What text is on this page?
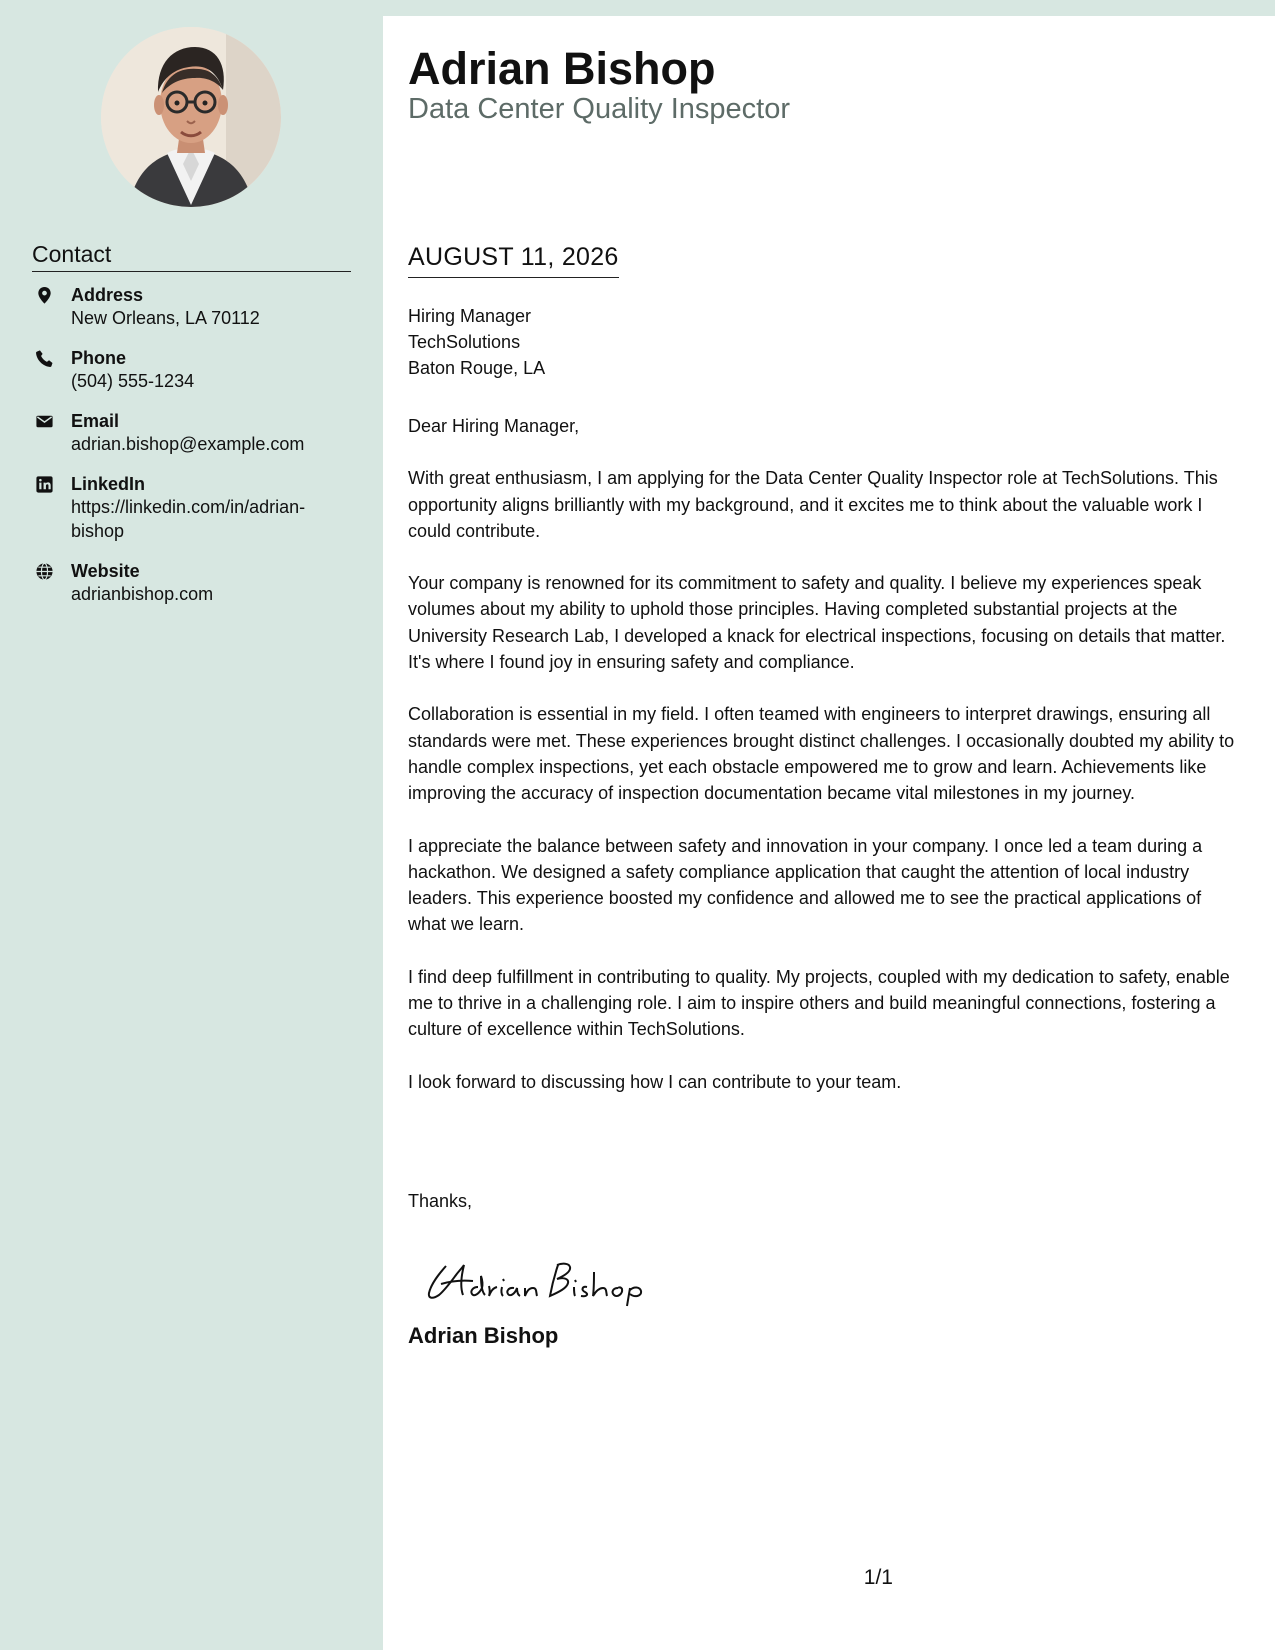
Contact
Address
New Orleans, LA 70112
Phone
(504) 555-1234
Email
adrian.bishop@example.com
LinkedIn
https://linkedin.com/in/adrian-bishop
Website
adrianbishop.com
Adrian Bishop
Data Center Quality Inspector
AUGUST 11, 2026
Hiring Manager
TechSolutions
Baton Rouge, LA

Dear Hiring Manager,

With great enthusiasm, I am applying for the Data Center Quality Inspector role at TechSolutions. This opportunity aligns brilliantly with my background, and it excites me to think about the valuable work I could contribute.

Your company is renowned for its commitment to safety and quality. I believe my experiences speak volumes about my ability to uphold those principles. Having completed substantial projects at the University Research Lab, I developed a knack for electrical inspections, focusing on details that matter. It's where I found joy in ensuring safety and compliance.

Collaboration is essential in my field. I often teamed with engineers to interpret drawings, ensuring all standards were met. These experiences brought distinct challenges. I occasionally doubted my ability to handle complex inspections, yet each obstacle empowered me to grow and learn. Achievements like improving the accuracy of inspection documentation became vital milestones in my journey.

I appreciate the balance between safety and innovation in your company. I once led a team during a hackathon. We designed a safety compliance application that caught the attention of local industry leaders. This experience boosted my confidence and allowed me to see the practical applications of what we learn.

I find deep fulfillment in contributing to quality. My projects, coupled with my dedication to safety, enable me to thrive in a challenging role. I aim to inspire others and build meaningful connections, fostering a culture of excellence within TechSolutions.

I look forward to discussing how I can contribute to your team.

Thanks,
Adrian Bishop
1/1
